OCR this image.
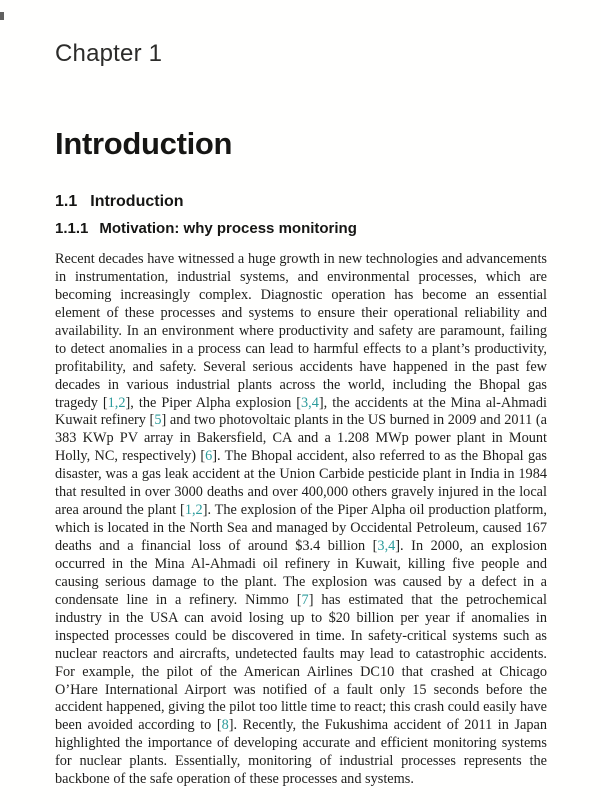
Chapter 1
Introduction
1.1 Introduction
1.1.1 Motivation: why process monitoring

Recent decades have witnessed a huge growth in new technologies and advancements in instrumentation, industrial systems, and environmental processes, which are becoming increasingly complex. Diagnostic operation has become an essential element of these processes and systems to ensure their operational reliability and availability. In an environment where productivity and safety are paramount, failing to detect anomalies in a process can lead to harmful effects to a plant’s productivity, profitability, and safety. Several serious accidents have happened in the past few decades in various industrial plants across the world, including the Bhopal gas tragedy [1,2], the Piper Alpha explosion [3,4], the accidents at the Mina al-Ahmadi Kuwait refinery [5] and two photovoltaic plants in the US burned in 2009 and 2011 (a 383 KWp PV array in Bakersfield, CA and a 1.208 MWp power plant in Mount Holly, NC, respectively) [6]. The Bhopal accident, also referred to as the Bhopal gas disaster, was a gas leak accident at the Union Carbide pesticide plant in India in 1984 that resulted in over 3000 deaths and over 400,000 others gravely injured in the local area around the plant [1,2]. The explosion of the Piper Alpha oil production platform, which is located in the North Sea and managed by Occidental Petroleum, caused 167 deaths and a financial loss of around $3.4 billion [3,4]. In 2000, an explosion occurred in the Mina Al-Ahmadi oil refinery in Kuwait, killing five people and causing serious damage to the plant. The explosion was caused by a defect in a condensate line in a refinery. Nimmo [7] has estimated that the petrochemical industry in the USA can avoid losing up to $20 billion per year if anomalies in inspected processes could be discovered in time. In safety-critical systems such as nuclear reactors and aircrafts, undetected faults may lead to catastrophic accidents. For example, the pilot of the American Airlines DC10 that crashed at Chicago O’Hare International Airport was notified of a fault only 15 seconds before the accident happened, giving the pilot too little time to react; this crash could easily have been avoided according to [8]. Recently, the Fukushima accident of 2011 in Japan highlighted the importance of developing accurate and efficient monitoring systems for nuclear plants. Essentially, monitoring of industrial processes represents the backbone of the safe operation of these processes and systems.
